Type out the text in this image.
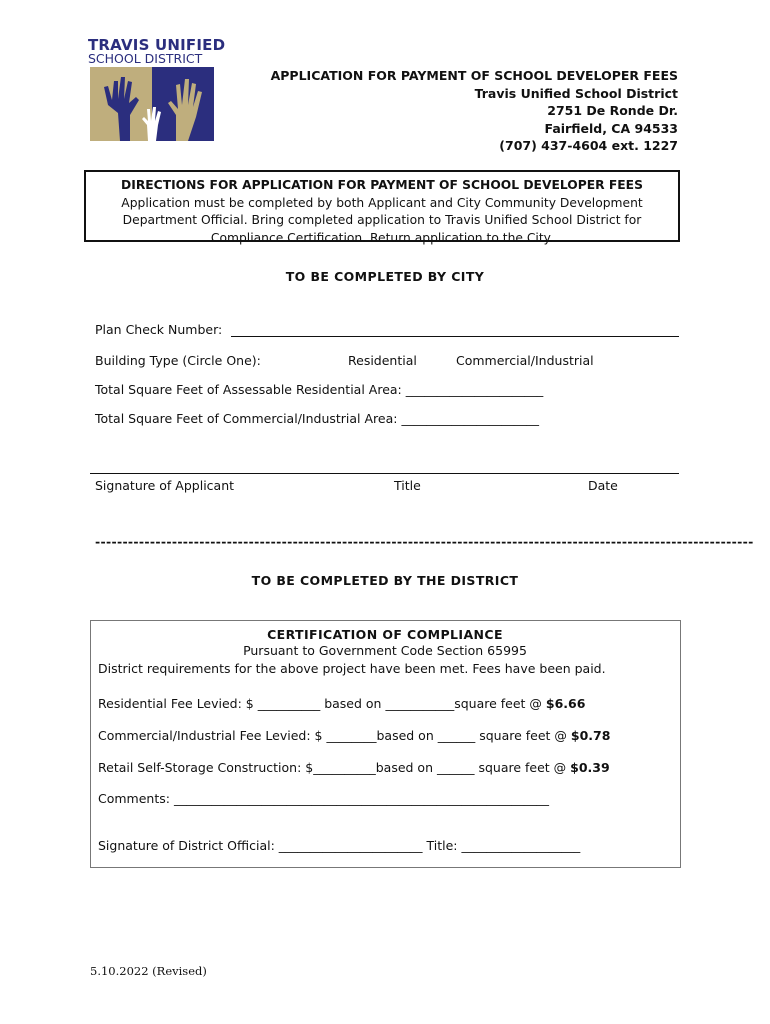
TRAVIS UNIFIED
SCHOOL DISTRICT
APPLICATION FOR PAYMENT OF SCHOOL DEVELOPER FEES
Travis Unified School District
2751 De Ronde Dr.
Fairfield, CA 94533
(707) 437-4604 ext. 1227
DIRECTIONS FOR APPLICATION FOR PAYMENT OF SCHOOL DEVELOPER FEES
Application must be completed by both Applicant and City Community Development
Department Official. Bring completed application to Travis Unified School District for
Compliance Certification. Return application to the City.
TO BE COMPLETED BY CITY
Plan Check Number:
Building Type (Circle One):	Residential	Commercial/Industrial
Total Square Feet of Assessable Residential Area: ______________________
Total Square Feet of Commercial/Industrial Area: ______________________
Signature of Applicant	Title	Date
------------------------------------------------------------------------------------------------------------------------
TO BE COMPLETED BY THE DISTRICT
CERTIFICATION OF COMPLIANCE
Pursuant to Government Code Section 65995
District requirements for the above project have been met. Fees have been paid.
Residential Fee Levied: $ __________ based on ___________square feet @ $6.66
Commercial/Industrial Fee Levied: $ ________based on ______ square feet @ $0.78
Retail Self-Storage Construction: $__________based on ______ square feet @ $0.39
Comments: ____________________________________________________________
Signature of District Official: _______________________ Title: ___________________
5.10.2022 (Revised)
